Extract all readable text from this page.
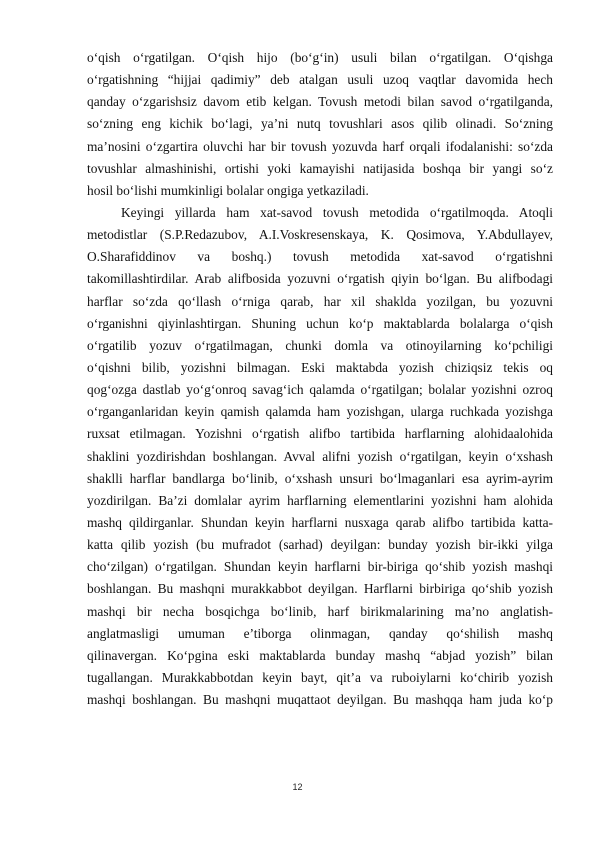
o‘qish o‘rgatilgan. O‘qish hijo (bo‘g‘in) usuli bilan o‘rgatilgan. O‘qishga
o‘rgatishning “hijjai qadimiy” deb atalgan usuli uzoq vaqtlar davomida hech
qanday o‘zgarishsiz davom etib kelgan. Tovush metodi bilan savod o‘rgatilganda,
so‘zning eng kichik bo‘lagi, ya’ni nutq tovushlari asos qilib olinadi. So‘zning
ma’nosini o‘zgartira oluvchi har bir tovush yozuvda harf orqali ifodalanishi: so‘zda
tovushlar almashinishi, ortishi yoki kamayishi natijasida boshqa bir yangi so‘z
hosil bo‘lishi mumkinligi bolalar ongiga yetkaziladi.
Keyingi yillarda ham xat-savod tovush metodida o‘rgatilmoqda. Atoqli
metodistlar (S.P.Redazubov, A.I.Voskresenskaya, K. Qosimova, Y.Abdullayev,
O.Sharafiddinov va boshq.) tovush metodida xat-savod o‘rgatishni
takomillashtirdilar. Arab alifbosida yozuvni o‘rgatish qiyin bo‘lgan. Bu alifbodagi
harflar so‘zda qo‘llash o‘rniga qarab, har xil shaklda yozilgan, bu yozuvni
o‘rganishni qiyinlashtirgan. Shuning uchun ko‘p maktablarda bolalarga o‘qish
o‘rgatilib yozuv o‘rgatilmagan, chunki domla va otinoyilarning ko‘pchiligi
o‘qishni bilib, yozishni bilmagan. Eski maktabda yozish chiziqsiz tekis oq
qog‘ozga dastlab yo‘g‘onroq savag‘ich qalamda o‘rgatilgan; bolalar yozishni ozroq
o‘rganganlaridan keyin qamish qalamda ham yozishgan, ularga ruchkada yozishga
ruxsat etilmagan. Yozishni o‘rgatish alifbo tartibida harflarning alohidaalohida
shaklini yozdirishdan boshlangan. Avval alifni yozish o‘rgatilgan, keyin o‘xshash
shaklli harflar bandlarga bo‘linib, o‘xshash unsuri bo‘lmaganlari esa ayrim-ayrim
yozdirilgan. Ba’zi domlalar ayrim harflarning elementlarini yozishni ham alohida
mashq qildirganlar. Shundan keyin harflarni nusxaga qarab alifbo tartibida katta-
katta qilib yozish (bu mufradot (sarhad) deyilgan: bunday yozish bir-ikki yilga
cho‘zilgan) o‘rgatilgan. Shundan keyin harflarni bir-biriga qo‘shib yozish mashqi
boshlangan. Bu mashqni murakkabbot deyilgan. Harflarni birbiriga qo‘shib yozish
mashqi bir necha bosqichga bo‘linib, harf birikmalarining ma’no anglatish-
anglatmasligi umuman e’tiborga olinmagan, qanday qo‘shilish mashq
qilinavergan. Ko‘pgina eski maktablarda bunday mashq “abjad yozish” bilan
tugallangan. Murakkabbotdan keyin bayt, qit’a va ruboiylarni ko‘chirib yozish
mashqi boshlangan. Bu mashqni muqattaot deyilgan. Bu mashqqa ham juda ko‘p
12
